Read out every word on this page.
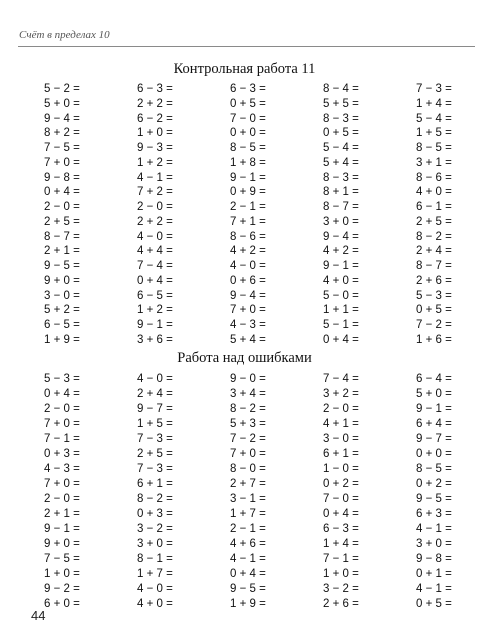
Счёт в пределах 10
Контрольная работа 11
5 − 2 =	6 − 3 =	6 − 3 =	8 − 4 =	7 − 3 =
5 + 0 =	2 + 2 =	0 + 5 =	5 + 5 =	1 + 4 =
9 − 4 =	6 − 2 =	7 − 0 =	8 − 3 =	5 − 4 =
8 + 2 =	1 + 0 =	0 + 0 =	0 + 5 =	1 + 5 =
7 − 5 =	9 − 3 =	8 − 5 =	5 − 4 =	8 − 5 =
7 + 0 =	1 + 2 =	1 + 8 =	5 + 4 =	3 + 1 =
9 − 8 =	4 − 1 =	9 − 1 =	8 − 3 =	8 − 6 =
0 + 4 =	7 + 2 =	0 + 9 =	8 + 1 =	4 + 0 =
2 − 0 =	2 − 0 =	2 − 1 =	8 − 7 =	6 − 1 =
2 + 5 =	2 + 2 =	7 + 1 =	3 + 0 =	2 + 5 =
8 − 7 =	4 − 0 =	8 − 6 =	9 − 4 =	8 − 2 =
2 + 1 =	4 + 4 =	4 + 2 =	4 + 2 =	2 + 4 =
9 − 5 =	7 − 4 =	4 − 0 =	9 − 1 =	8 − 7 =
9 + 0 =	0 + 4 =	0 + 6 =	4 + 0 =	2 + 6 =
3 − 0 =	6 − 5 =	9 − 4 =	5 − 0 =	5 − 3 =
5 + 2 =	1 + 2 =	7 + 0 =	1 + 1 =	0 + 5 =
6 − 5 =	9 − 1 =	4 − 3 =	5 − 1 =	7 − 2 =
1 + 9 =	3 + 6 =	5 + 4 =	0 + 4 =	1 + 6 =
Работа над ошибками
5 − 3 =	4 − 0 =	9 − 0 =	7 − 4 =	6 − 4 =
0 + 4 =	2 + 4 =	3 + 4 =	3 + 2 =	5 + 0 =
2 − 0 =	9 − 7 =	8 − 2 =	2 − 0 =	9 − 1 =
7 + 0 =	1 + 5 =	5 + 3 =	4 + 1 =	6 + 4 =
7 − 1 =	7 − 3 =	7 − 2 =	3 − 0 =	9 − 7 =
0 + 3 =	2 + 5 =	7 + 0 =	6 + 1 =	0 + 0 =
4 − 3 =	7 − 3 =	8 − 0 =	1 − 0 =	8 − 5 =
7 + 0 =	6 + 1 =	2 + 7 =	0 + 2 =	0 + 2 =
2 − 0 =	8 − 2 =	3 − 1 =	7 − 0 =	9 − 5 =
2 + 1 =	0 + 3 =	1 + 7 =	0 + 4 =	6 + 3 =
9 − 1 =	3 − 2 =	2 − 1 =	6 − 3 =	4 − 1 =
9 + 0 =	3 + 0 =	4 + 6 =	1 + 4 =	3 + 0 =
7 − 5 =	8 − 1 =	4 − 1 =	7 − 1 =	9 − 8 =
1 + 0 =	1 + 7 =	0 + 4 =	1 + 0 =	0 + 1 =
9 − 2 =	4 − 0 =	9 − 5 =	3 − 2 =	4 − 1 =
6 + 0 =	4 + 0 =	1 + 9 =	2 + 6 =	0 + 5 =
44
